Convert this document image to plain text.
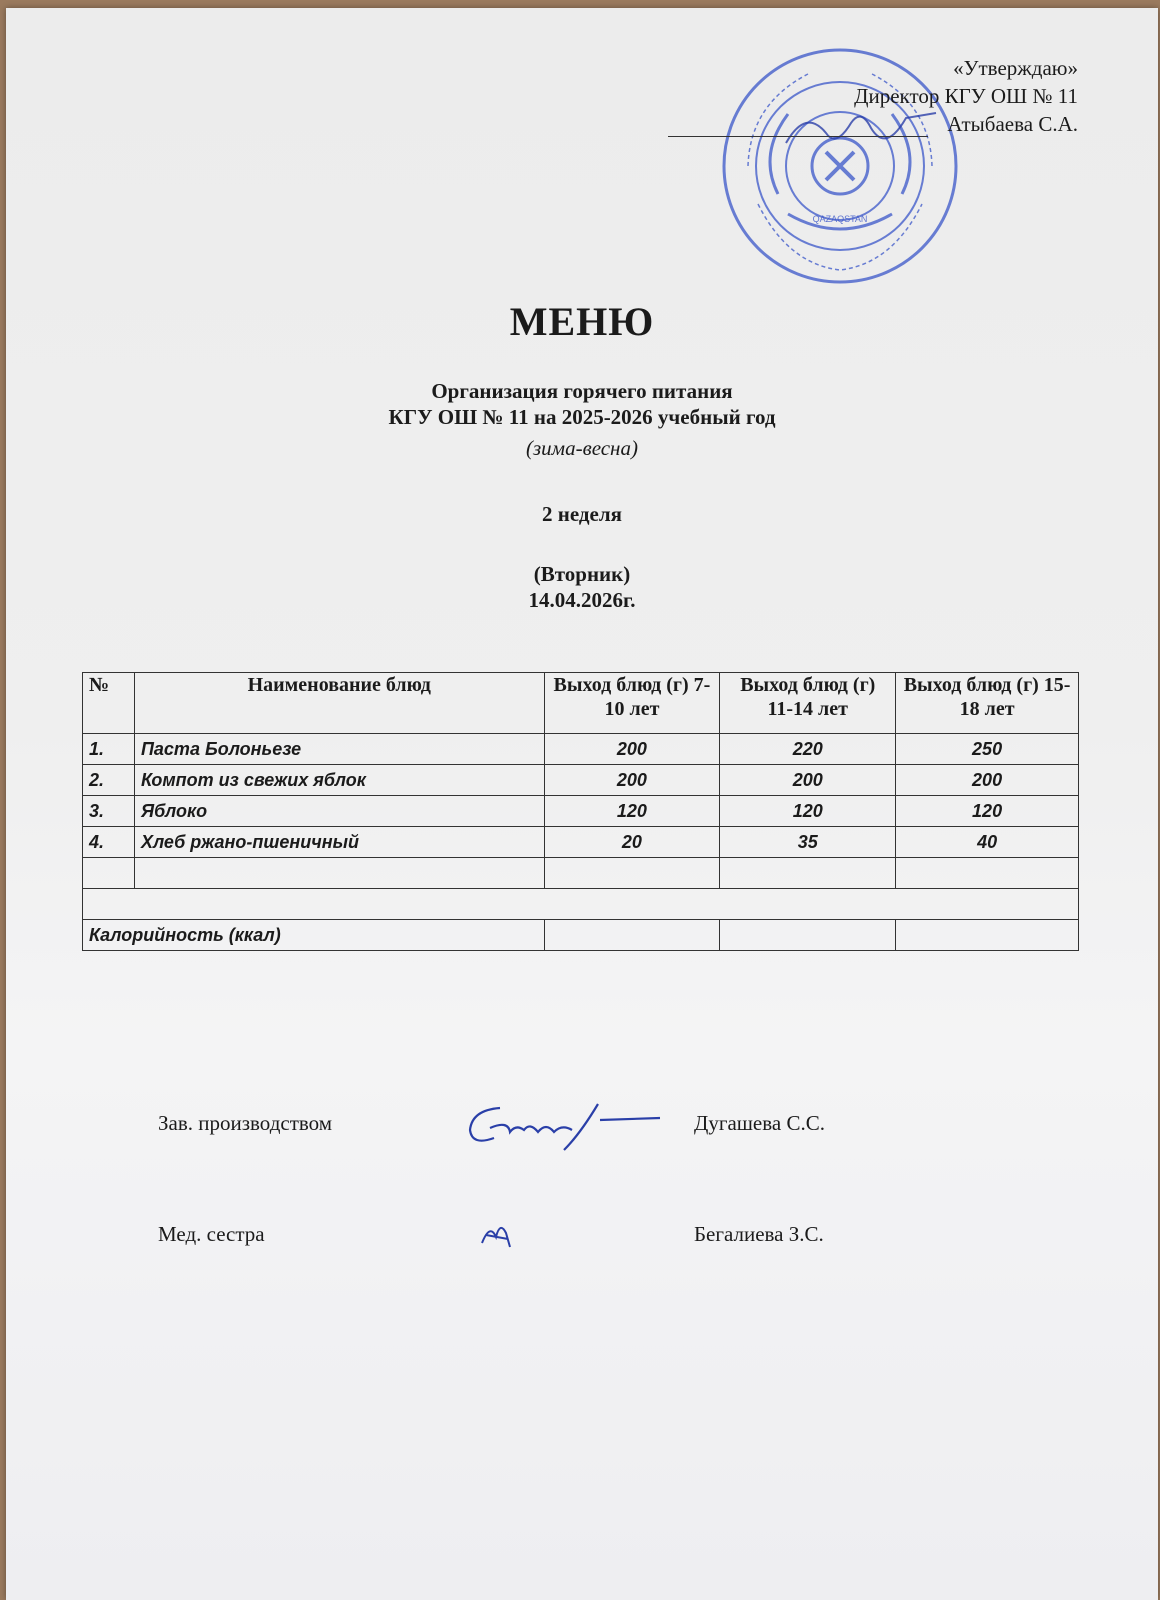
QAZAQSTAN
«Утверждаю»
Директор КГУ ОШ № 11
Атыбаева С.А.
МЕНЮ
Организация горячего питания
КГУ ОШ № 11 на 2025-2026 учебный год
(зима-весна)
2 неделя
(Вторник)
14.04.2026г.
№	Наименование блюд	Выход блюд (г) 7-10 лет	Выход блюд (г) 11-14 лет	Выход блюд (г) 15-18 лет
1.	Паста Болоньезе	200	220	250
2.	Компот из свежих яблок	200	200	200
3.	Яблоко	120	120	120
4.	Хлеб ржано-пшеничный	20	35	40

Калорийность (ккал)				
Зав. производством	Дугашева С.С.
Мед. сестра	Бегалиева З.С.
